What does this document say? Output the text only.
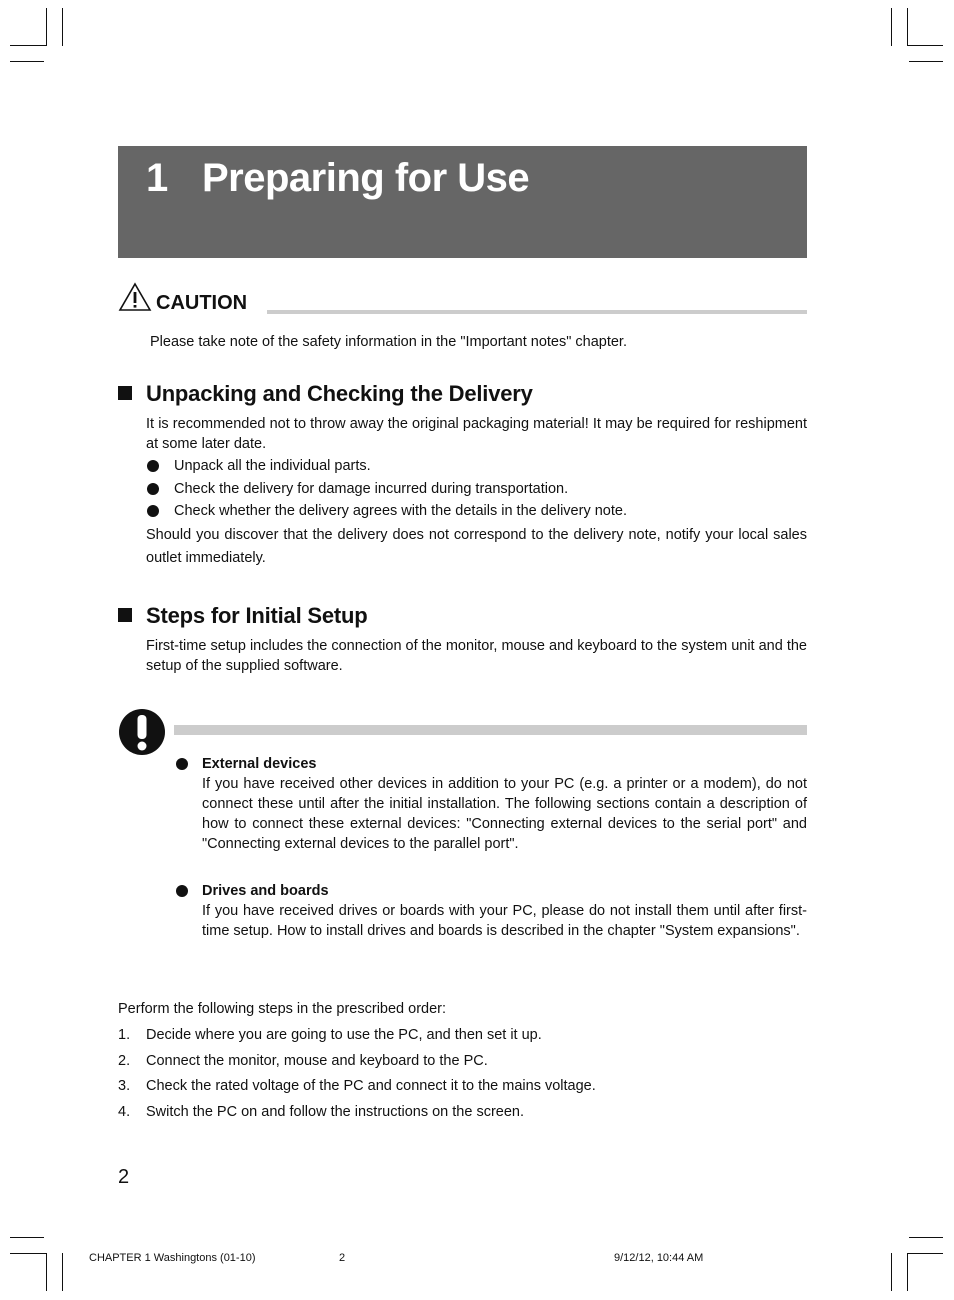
1 Preparing for Use
CAUTION
Please take note of the safety information in the "Important notes" chapter.
Unpacking and Checking the Delivery
It is recommended not to throw away the original packaging material! It may be required for reshipment at some later date.
Unpack all the individual parts.
Check the delivery for damage incurred during transportation.
Check whether the delivery agrees with the details in the delivery note.
Should you discover that the delivery does not correspond to the delivery note, notify your local sales outlet immediately.
Steps for Initial Setup
First-time setup includes the connection of the monitor, mouse and keyboard to the system unit and the setup of the supplied software.
External devices
If you have received other devices in addition to your PC (e.g. a printer or a modem), do not connect these until after the initial installation. The following sections contain a description of how to connect these external devices: "Connecting external devices to the serial port" and "Connecting external devices to the parallel port".
Drives and boards
If you have received drives or boards with your PC, please do not install them until after first-time setup. How to install drives and boards is described in the chapter "System expansions".
Perform the following steps in the prescribed order:
1. Decide where you are going to use the PC, and then set it up.
2. Connect the monitor, mouse and keyboard to the PC.
3. Check the rated voltage of the PC and connect it to the mains voltage.
4. Switch the PC on and follow the instructions on the screen.
2
CHAPTER 1 Washingtons (01-10)	2	9/12/12, 10:44 AM
